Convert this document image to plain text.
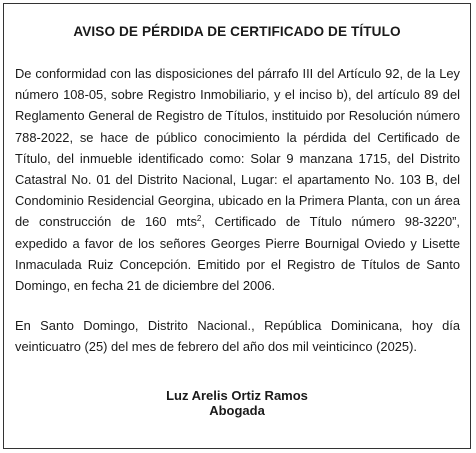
AVISO DE PÉRDIDA DE CERTIFICADO DE TÍTULO

De conformidad con las disposiciones del párrafo III del Artículo 92, de la Ley número 108-05, sobre Registro Inmobiliario, y el inciso b), del artículo 89 del Reglamento General de Registro de Títulos, instituido por Resolución número 788-2022, se hace de público conocimiento la pérdida del Certificado de Título, del inmueble identificado como: Solar 9 manzana 1715, del Distrito Catastral No. 01 del Distrito Nacional, Lugar: el apartamento No. 103 B, del Condominio Residencial Georgina, ubicado en la Primera Planta, con un área de construcción de 160 mts$^2$, Certificado de Título número 98-3220”, expedido a favor de los señores Georges Pierre Bournigal Oviedo y Lisette Inmaculada Ruiz Concepción. Emitido por el Registro de Títulos de Santo Domingo, en fecha 21 de diciembre del 2006.

En Santo Domingo, Distrito Nacional., República Dominicana, hoy día veinticuatro (25) del mes de febrero del año dos mil veinticinco (2025).

Luz Arelis Ortiz Ramos
Abogada
